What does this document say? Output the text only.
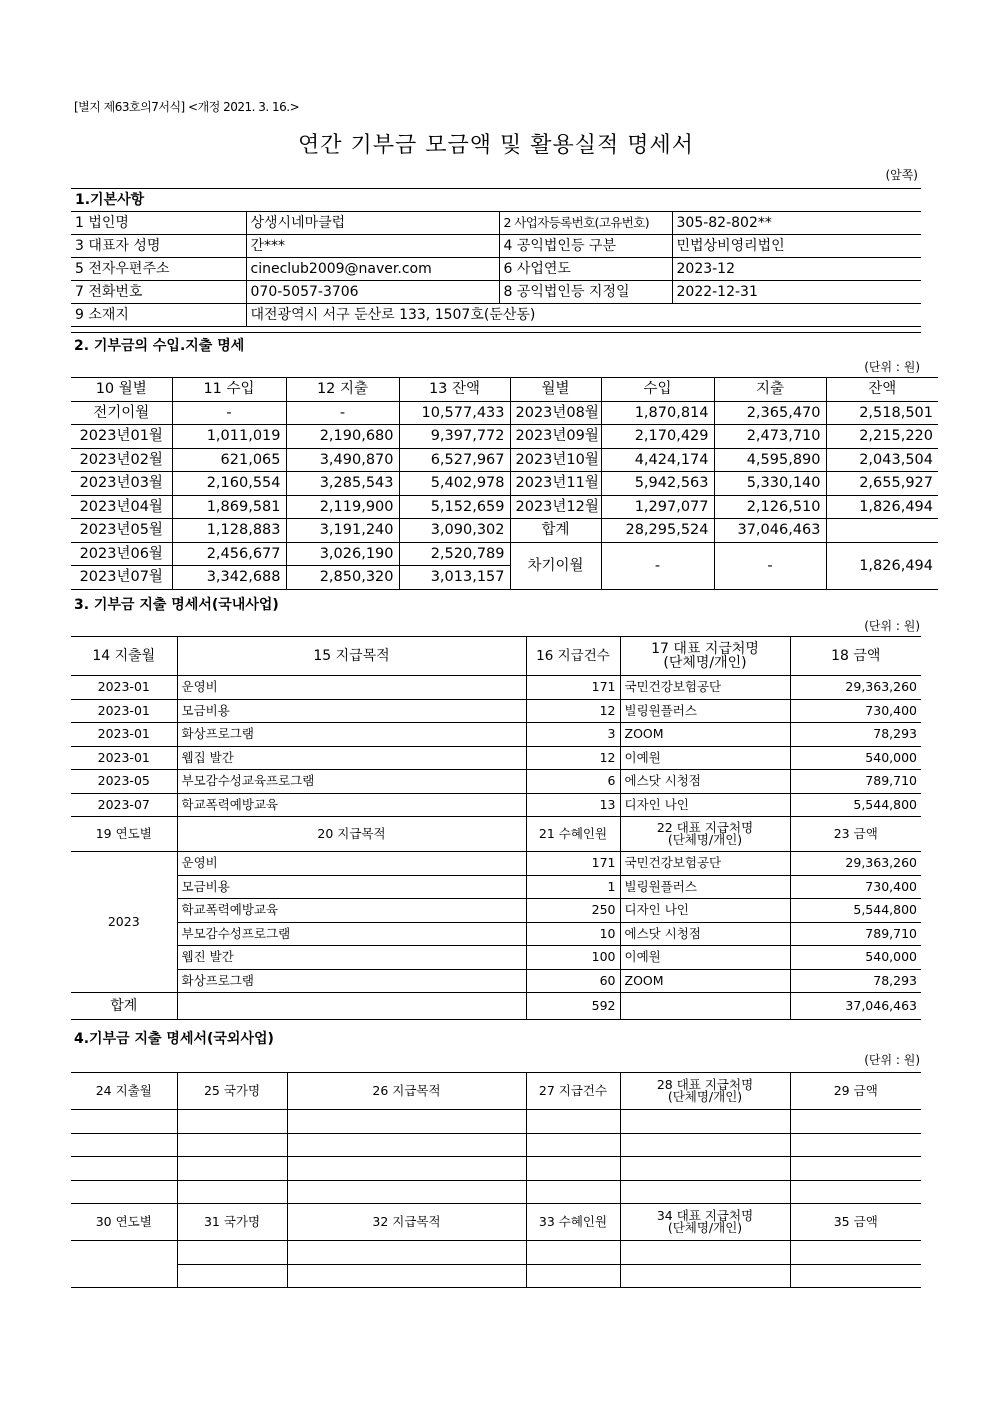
[별지 제63호의7서식] <개정 2021. 3. 16.>
연간 기부금 모금액 및 활용실적 명세서
(앞쪽)
1.기본사항			
1 법인명	상생시네마클럽	2 사업자등록번호(고유번호)	305-82-802**
3 대표자 성명	간***	4 공익법인등 구분	민법상비영리법인
5 전자우편주소	cineclub2009@naver.com	6 사업연도	2023-12
7 전화번호	070-5057-3706	8 공익법인등 지정일	2022-12-31
9 소재지	대전광역시 서구 둔산로 133, 1507호(둔산동)		
2. 기부금의 수입.지출 명세
(단위 : 원)
10 월별	11 수입	12 지출	13 잔액	월별	수입	지출	잔액
전기이월	-	-	10,577,433	2023년08월	1,870,814	2,365,470	2,518,501
2023년01월	1,011,019	2,190,680	9,397,772	2023년09월	2,170,429	2,473,710	2,215,220
2023년02월	621,065	3,490,870	6,527,967	2023년10월	4,424,174	4,595,890	2,043,504
2023년03월	2,160,554	3,285,543	5,402,978	2023년11월	5,942,563	5,330,140	2,655,927
2023년04월	1,869,581	2,119,900	5,152,659	2023년12월	1,297,077	2,126,510	1,826,494
2023년05월	1,128,883	3,191,240	3,090,302	합계	28,295,524	37,046,463	
2023년06월	2,456,677	3,026,190	2,520,789	차기이월	-	-	1,826,494
2023년07월	3,342,688	2,850,320	3,013,157				
3. 기부금 지출 명세서(국내사업)
(단위 : 원)
14 지출월	15 지급목적	16 지급건수	17 대표 지급처명
(단체명/개인)	18 금액
2023-01	운영비	171	국민건강보험공단	29,363,260
2023-01	모금비용	12	빌링원플러스	730,400
2023-01	화상프로그램	3	ZOOM	78,293
2023-01	웹집 발간	12	이예원	540,000
2023-05	부모감수성교육프로그램	6	에스닷 시청점	789,710
2023-07	학교폭력예방교육	13	디자인 나인	5,544,800
19 연도별	20 지급목적	21 수혜인원	22 대표 지급처명
(단체명/개인)	23 금액
2023	운영비	171	국민건강보험공단	29,363,260
	모금비용	1	빌링원플러스	730,400
	학교폭력예방교육	250	디자인 나인	5,544,800
	부모감수성프로그램	10	에스닷 시청점	789,710
	웹진 발간	100	이예원	540,000
	화상프로그램	60	ZOOM	78,293
합계		592		37,046,463
4.기부금 지출 명세서(국외사업)
(단위 : 원)
24 지출월	25 국가명	26 지급목적	27 지급건수	28 대표 지급처명
(단체명/개인)	29 금액

30 연도별	31 국가명	32 지급목적	33 수혜인원	34 대표 지급처명
(단체명/개인)	35 금액
